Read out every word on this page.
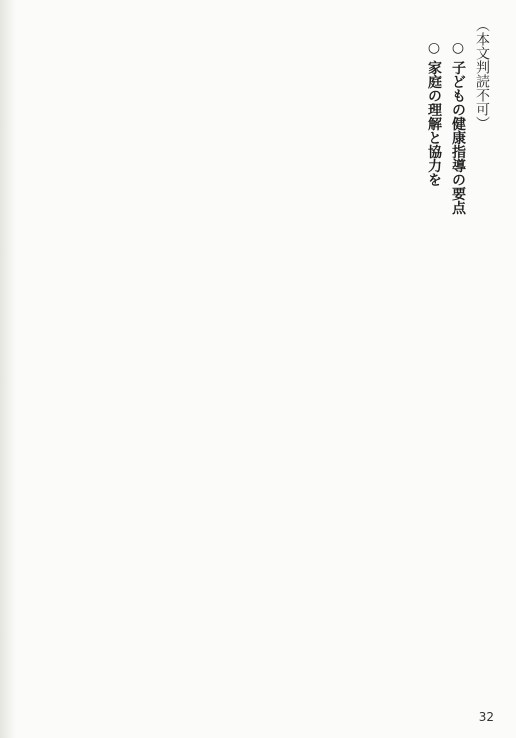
（本文判読不可）
○ 子どもの健康指導の要点
○ 家庭の理解と協力を
32
